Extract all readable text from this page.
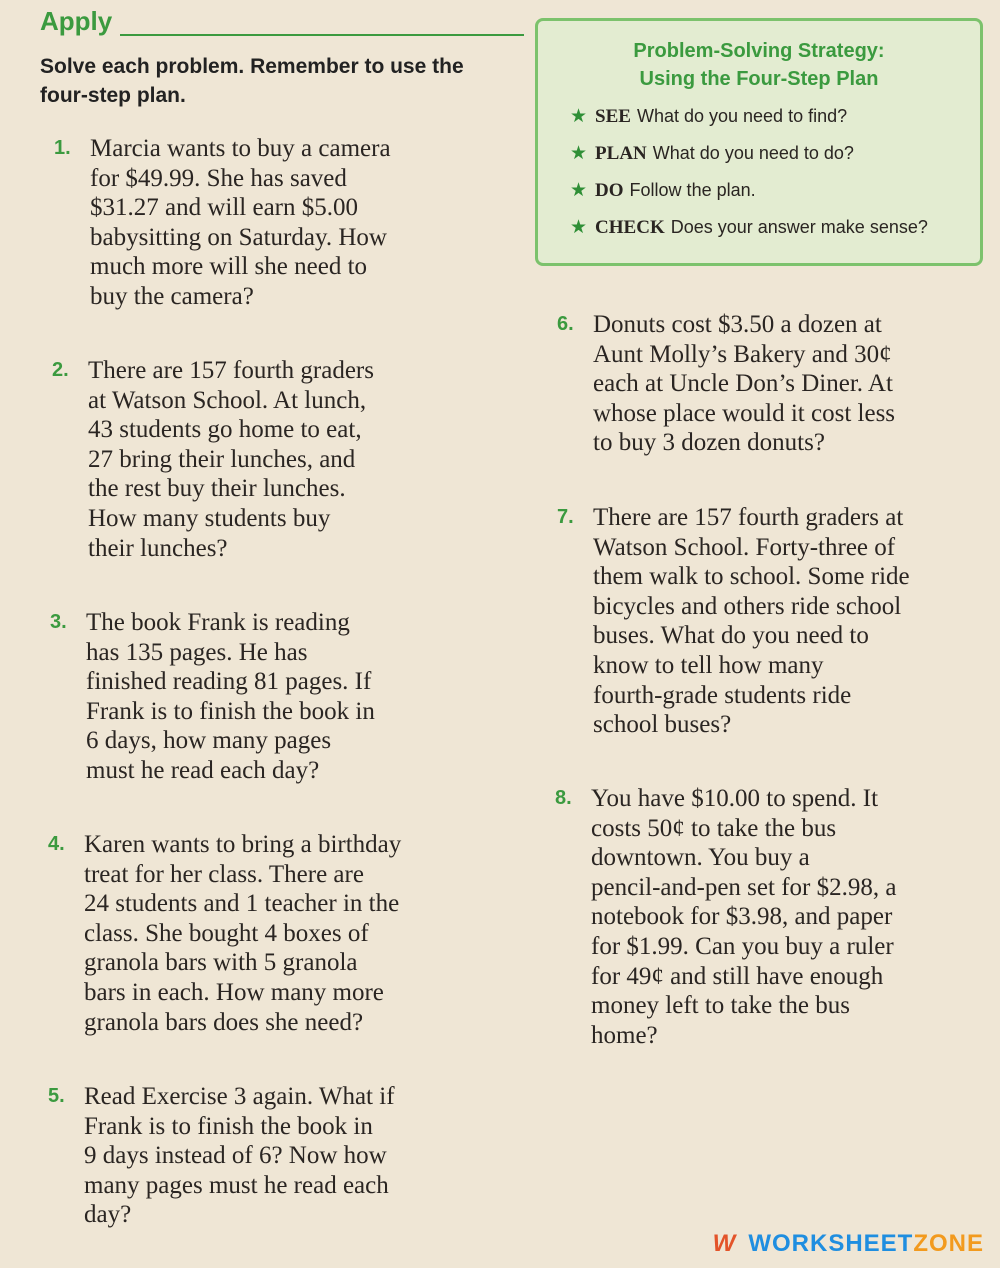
Apply
Solve each problem. Remember to use the
four-step plan.
Problem-Solving Strategy:
Using the Four-Step Plan
★ SEE What do you need to find?
★ PLAN What do you need to do?
★ DO Follow the plan.
★ CHECK Does your answer make sense?
1. Marcia wants to buy a camera
for $49.99. She has saved
$31.27 and will earn $5.00
babysitting on Saturday. How
much more will she need to
buy the camera?
2. There are 157 fourth graders
at Watson School. At lunch,
43 students go home to eat,
27 bring their lunches, and
the rest buy their lunches.
How many students buy
their lunches?
3. The book Frank is reading
has 135 pages. He has
finished reading 81 pages. If
Frank is to finish the book in
6 days, how many pages
must he read each day?
4. Karen wants to bring a birthday
treat for her class. There are
24 students and 1 teacher in the
class. She bought 4 boxes of
granola bars with 5 granola
bars in each. How many more
granola bars does she need?
5. Read Exercise 3 again. What if
Frank is to finish the book in
9 days instead of 6? Now how
many pages must he read each
day?
6. Donuts cost $3.50 a dozen at
Aunt Molly’s Bakery and 30¢
each at Uncle Don’s Diner. At
whose place would it cost less
to buy 3 dozen donuts?
7. There are 157 fourth graders at
Watson School. Forty-three of
them walk to school. Some ride
bicycles and others ride school
buses. What do you need to
know to tell how many
fourth-grade students ride
school buses?
8. You have $10.00 to spend. It
costs 50¢ to take the bus
downtown. You buy a
pencil-and-pen set for $2.98, a
notebook for $3.98, and paper
for $1.99. Can you buy a ruler
for 49¢ and still have enough
money left to take the bus
home?
W WORKSHEETZONE
